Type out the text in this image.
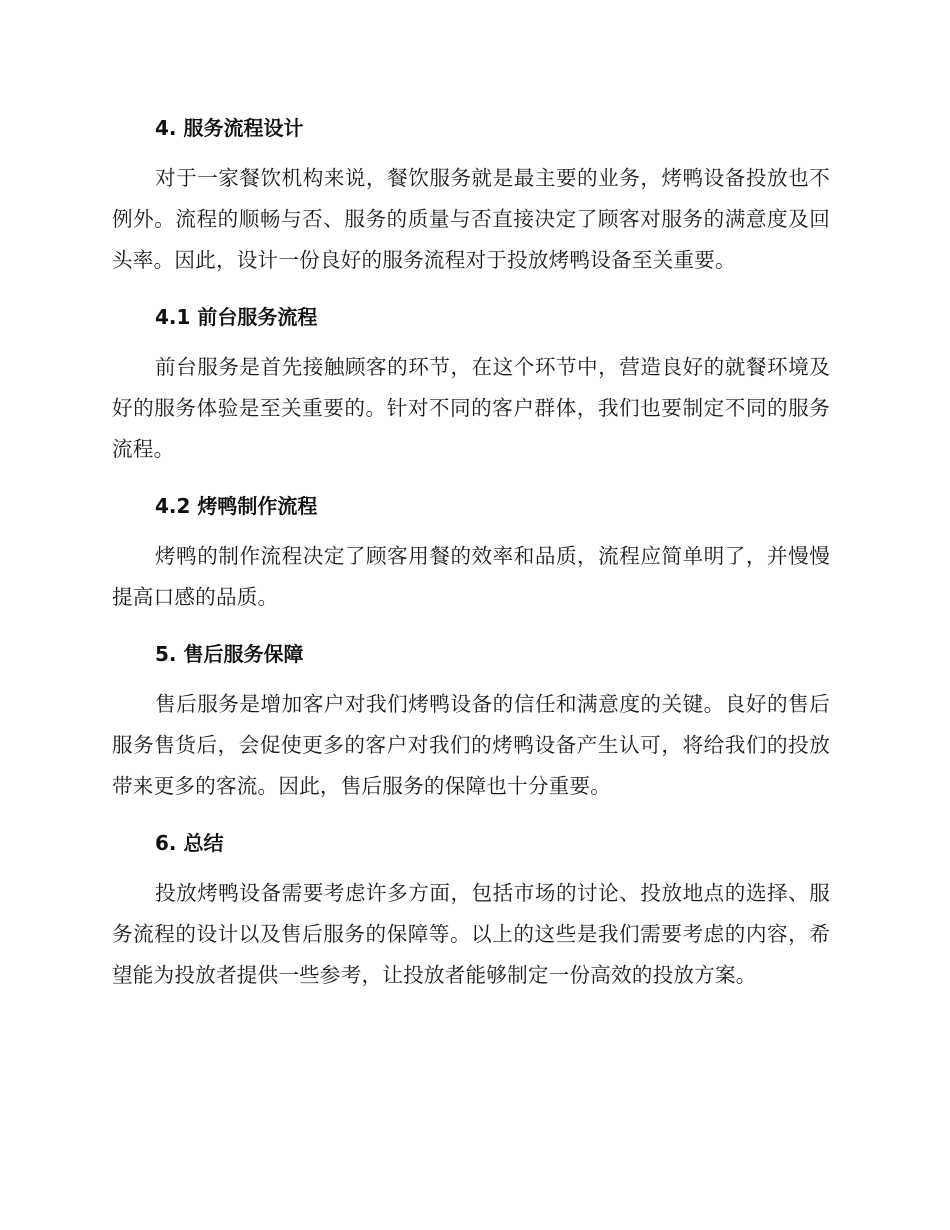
4. 服务流程设计

对于一家餐饮机构来说，餐饮服务就是最主要的业务，烤鸭设备投放也不例外。流程的顺畅与否、服务的质量与否直接决定了顾客对服务的满意度及回头率。因此，设计一份良好的服务流程对于投放烤鸭设备至关重要。

4.1 前台服务流程

前台服务是首先接触顾客的环节，在这个环节中，营造良好的就餐环境及好的服务体验是至关重要的。针对不同的客户群体，我们也要制定不同的服务流程。

4.2 烤鸭制作流程

烤鸭的制作流程决定了顾客用餐的效率和品质，流程应简单明了，并慢慢提高口感的品质。

5. 售后服务保障

售后服务是增加客户对我们烤鸭设备的信任和满意度的关键。良好的售后服务售货后，会促使更多的客户对我们的烤鸭设备产生认可，将给我们的投放带来更多的客流。因此，售后服务的保障也十分重要。

6. 总结

投放烤鸭设备需要考虑许多方面，包括市场的讨论、投放地点的选择、服务流程的设计以及售后服务的保障等。以上的这些是我们需要考虑的内容，希望能为投放者提供一些参考，让投放者能够制定一份高效的投放方案。
